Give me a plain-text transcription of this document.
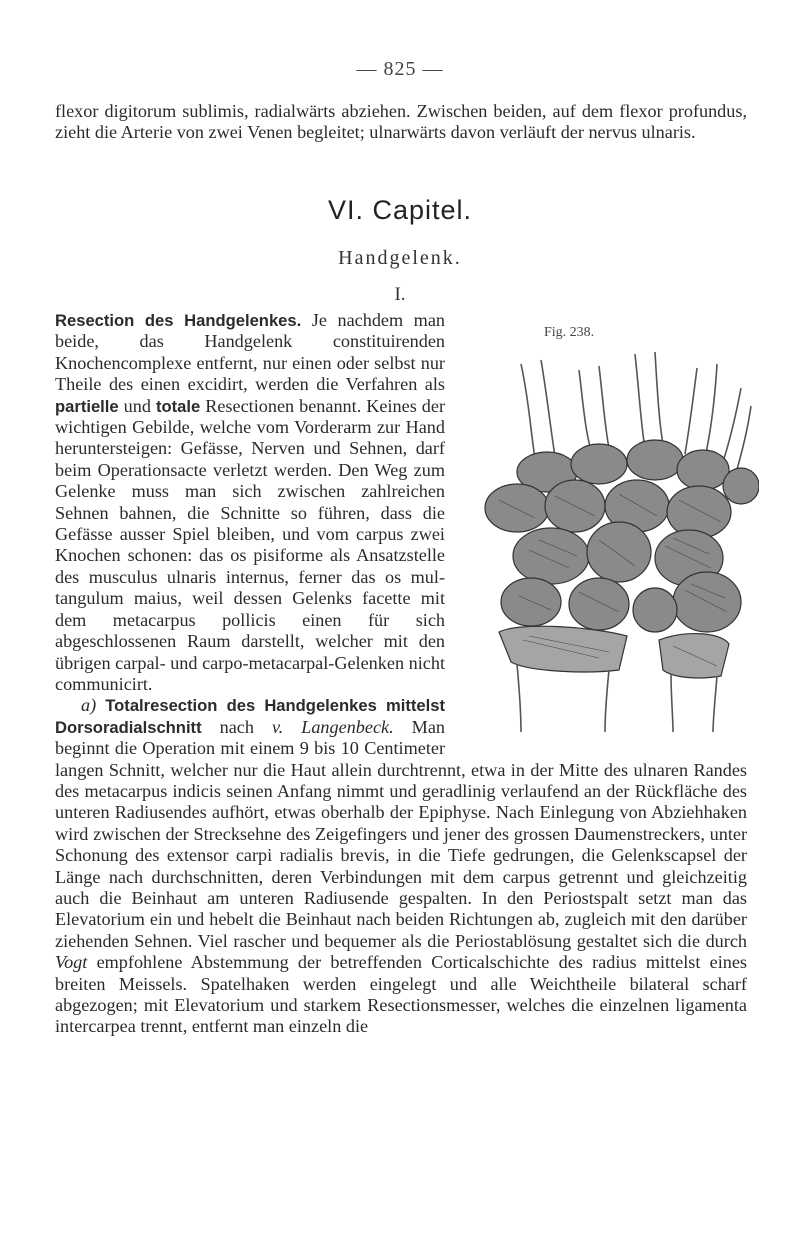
— 825 —
flexor digitorum sublimis, radialwärts abziehen. Zwischen beiden, auf dem flexor profundus, zieht die Arterie von zwei Venen begleitet; ulnarwärts davon verläuft der nervus ulnaris.
VI. Capitel.
Handgelenk.
I.
Fig. 238.
Resection des Handgelenkes. Je nachdem man beide, das Handgelenk constituirenden Knochencomplexe entfernt, nur einen oder selbst nur Theile des einen excidirt, werden die Verfahren als partielle und totale Resectionen benannt. Keines der wichtigen Gebilde, welche vom Vorderarm zur Hand heruntersteigen: Gefässe, Nerven und Sehnen, darf beim Operationsacte verletzt werden. Den Weg zum Gelenke muss man sich zwischen zahlreichen Sehnen bahnen, die Schnitte so führen, dass die Gefässe ausser Spiel bleiben, und vom carpus zwei Knochen schonen: das os pisiforme als Ansatzstelle des musculus ulnaris internus, ferner das os multangulum maius, weil dessen Gelenks facette mit dem metacarpus pollicis einen für sich abgeschlossenen Raum darstellt, welcher mit den übrigen carpal- und carpo-metacarpal-Gelenken nicht communicirt.
a) Totalresection des Handgelenkes mittelst Dorsoradialschnitt nach v. Langenbeck. Man beginnt die Operation mit einem 9 bis 10 Centimeter langen Schnitt, welcher nur die Haut allein durchtrennt, etwa in der Mitte des ulnaren Randes des metacarpus indicis seinen Anfang nimmt und geradlinig verlaufend an der Rückfläche des unteren Radiusendes aufhört, etwas oberhalb der Epiphyse. Nach Einlegung von Abziehhaken wird zwischen der Strecksehne des Zeigefingers und jener des grossen Daumenstreckers, unter Schonung des extensor carpi radialis brevis, in die Tiefe gedrungen, die Gelenkscapsel der Länge nach durchschnitten, deren Verbindungen mit dem carpus getrennt und gleichzeitig auch die Beinhaut am unteren Radiusende gespalten. In den Periostspalt setzt man das Elevatorium ein und hebelt die Beinhaut nach beiden Richtungen ab, zugleich mit den darüber ziehenden Sehnen. Viel rascher und bequemer als die Periostablösung gestaltet sich die durch Vogt empfohlene Abstemmung der betreffenden Corticalschichte des radius mittelst eines breiten Meissels. Spatelhaken werden eingelegt und alle Weichtheile bilateral scharf abgezogen; mit Elevatorium und starkem Resectionsmesser, welches die einzelnen ligamenta intercarpea trennt, entfernt man einzeln die
